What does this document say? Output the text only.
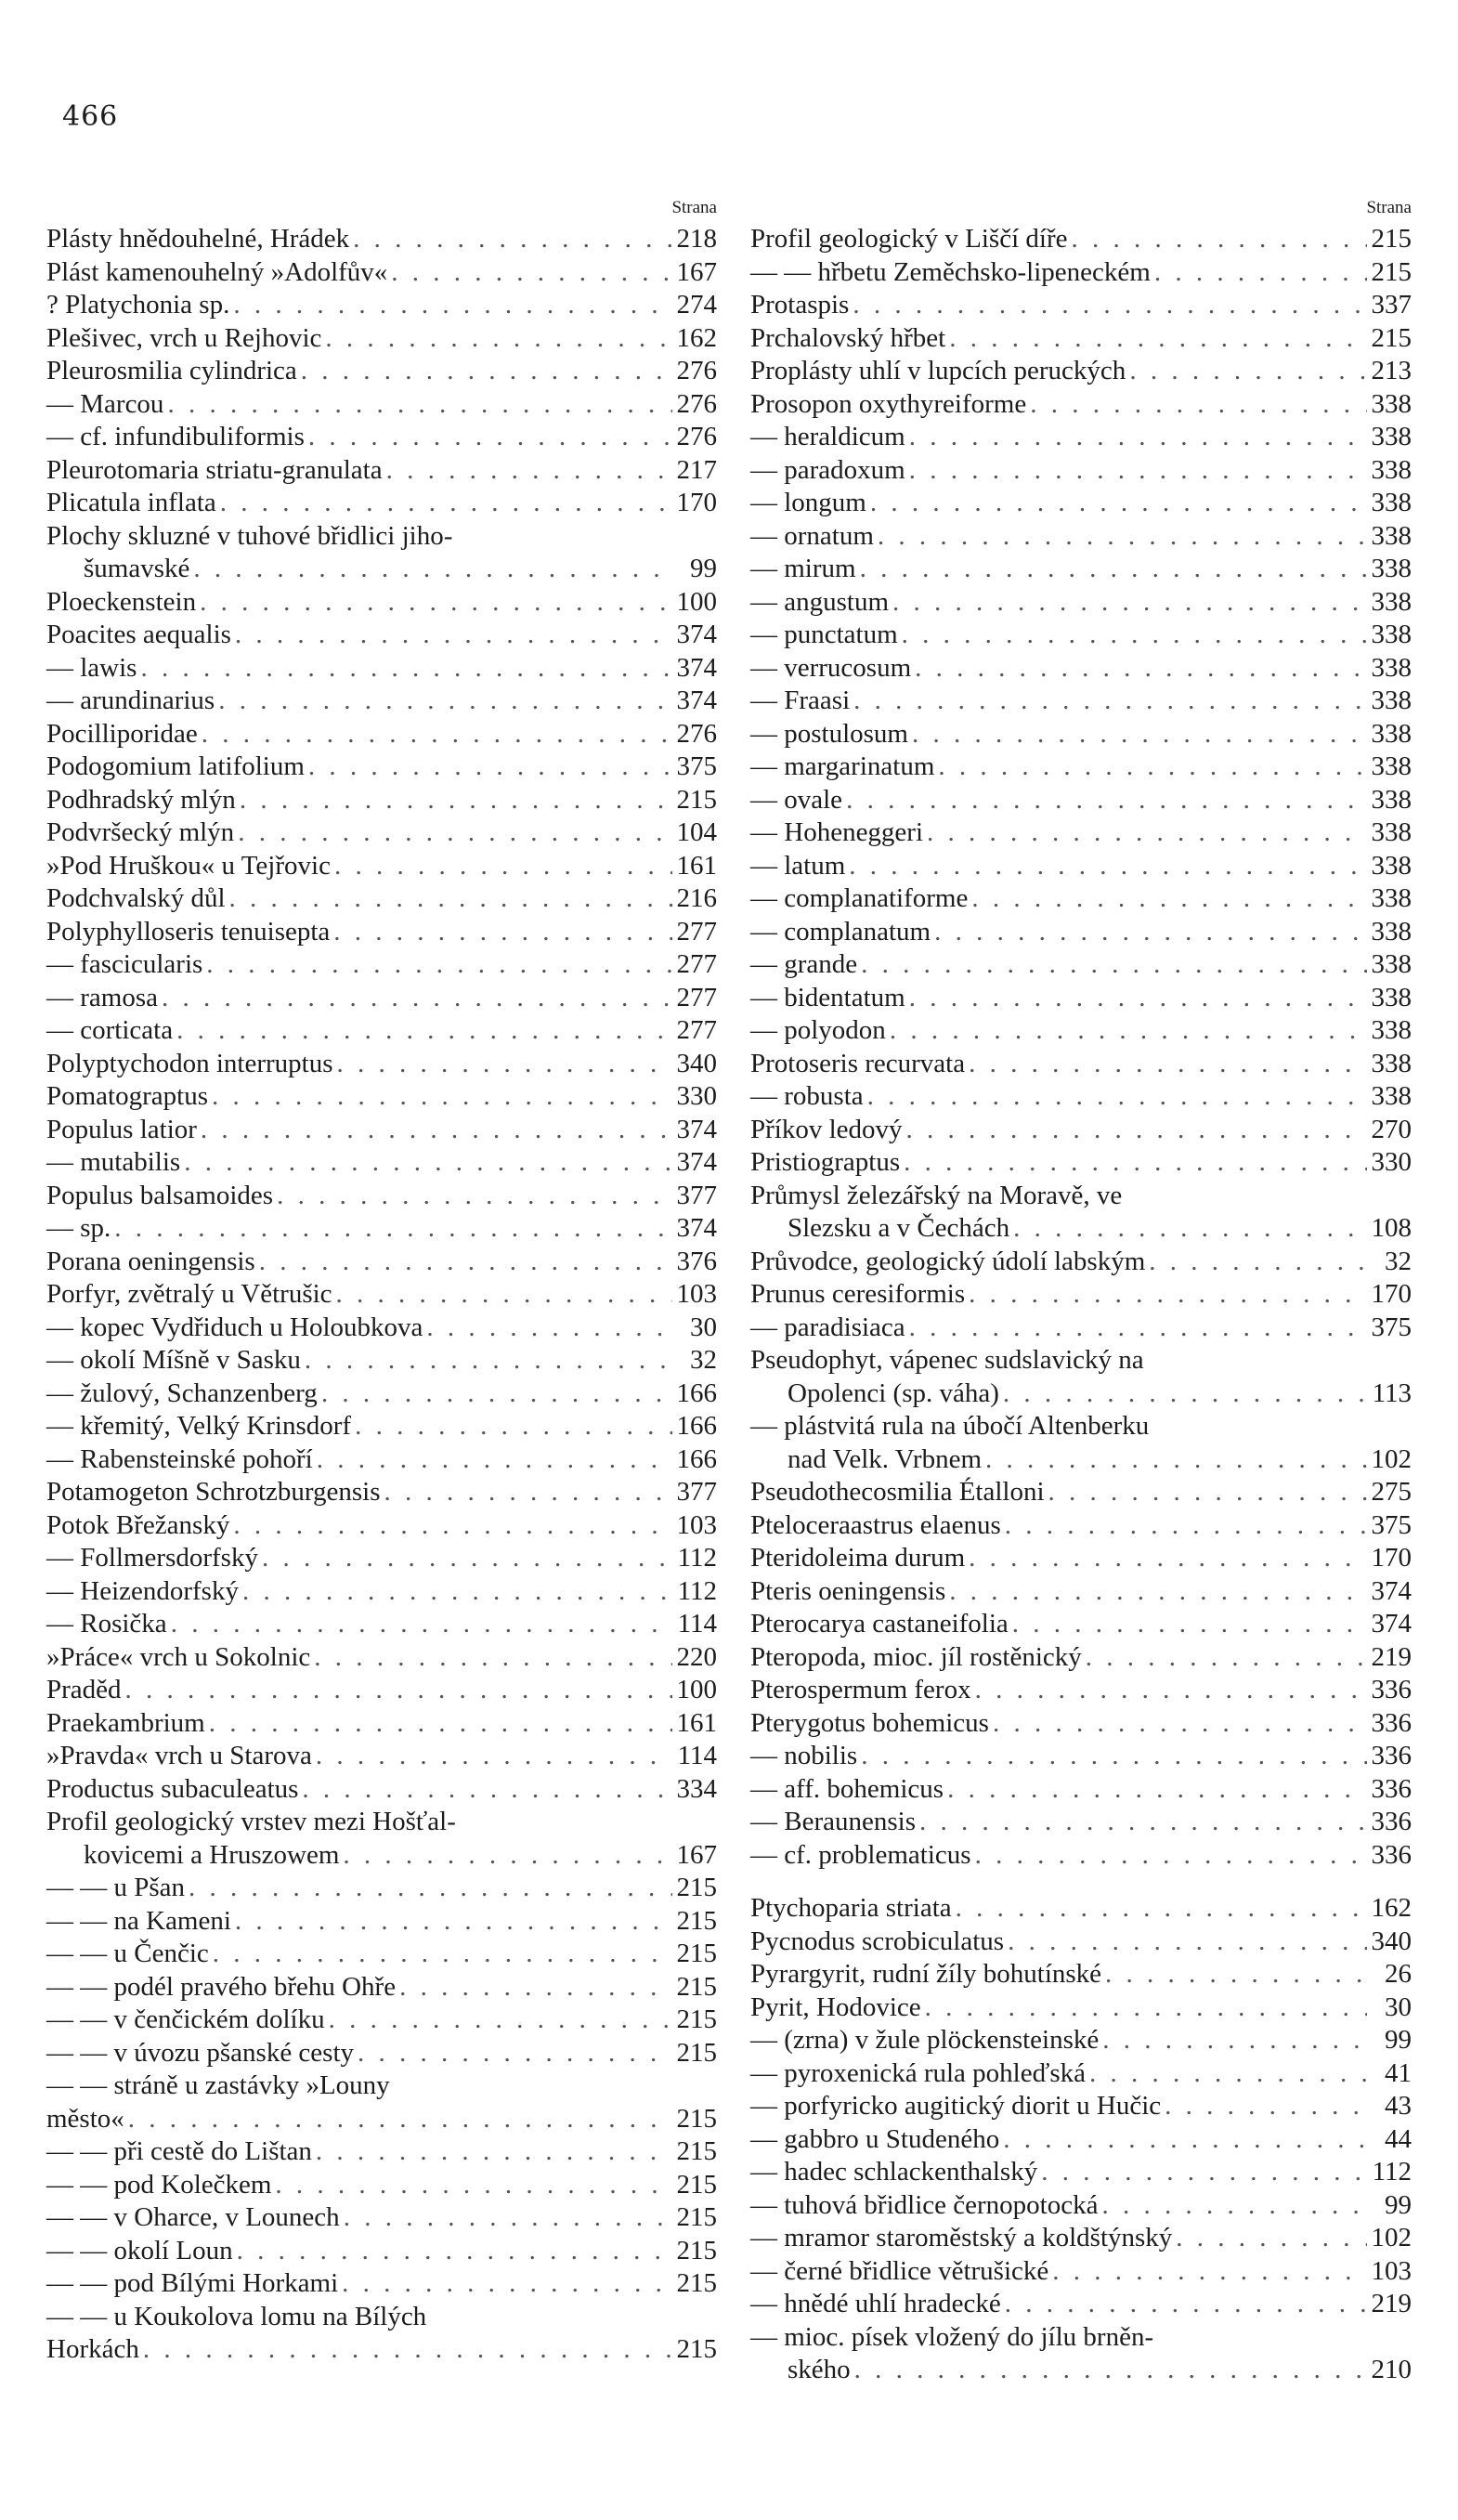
466
Strana
Plásty hnědouhelné, Hrádek . . .	218
Plást kamenouhelný »Adolfův« . . .	167
? Platychonia sp. . . .	274
Plešivec, vrch u Rejhovic . . .	162
Pleurosmilia cylindrica . . .	276
— Marcou . . .	276
— cf. infundibuliformis . . .	276
Pleurotomaria striatu-granulata . . .	217
Plicatula inflata . . .	170
Plochy skluzné v tuhové břidlici jiho-
šumavské . . .	99
Ploeckenstein . . .	100
Poacites aequalis . . .	374
— lawis . . .	374
— arundinarius . . .	374
Pocilliporidae . . .	276
Podogomium latifolium . . .	375
Podhradský mlýn . . .	215
Podvršecký mlýn . . .	104
»Pod Hruškou« u Tejřovic . . .	161
Podchvalský důl . . .	216
Polyphylloseris tenuisepta . . .	277
— fascicularis . . .	277
— ramosa . . .	277
— corticata . . .	277
Polyptychodon interruptus . . .	340
Pomatograptus . . .	330
Populus latior . . .	374
— mutabilis . . .	374
Populus balsamoides . . .	377
— sp. . . .	374
Porana oeningensis . . .	376
Porfyr, zvětralý u Větrušic . . .	103
— kopec Vydřiduch u Holoubkova . . .	30
— okolí Míšně v Sasku . . .	32
— žulový, Schanzenberg . . .	166
— křemitý, Velký Krinsdorf . . .	166
— Rabensteinské pohoří . . .	166
Potamogeton Schrotzburgensis . . .	377
Potok Břežanský . . .	103
— Follmersdorfský . . .	112
— Heizendorfský . . .	112
— Rosička . . .	114
»Práce« vrch u Sokolnic . . .	220
Praděd . . .	100
Praekambrium . . .	161
»Pravda« vrch u Starova . . .	114
Productus subaculeatus . . .	334
Profil geologický vrstev mezi Hošťal-
kovicemi a Hruszowem . . .	167
— — u Pšan . . .	215
— — na Kameni . . .	215
— — u Čenčic . . .	215
— — podél pravého břehu Ohře . . .	215
— — v čenčickém dolíku . . .	215
— — v úvozu pšanské cesty . . .	215
— — stráně u zastávky »Louny
město« . . .	215
— — při cestě do Lištan . . .	215
— — pod Kolečkem . . .	215
— — v Oharce, v Lounech . . .	215
— — okolí Loun . . .	215
— — pod Bílými Horkami . . .	215
— — u Koukolova lomu na Bílých
Horkách . . .	215
Strana
Profil geologický v Liščí díře . . .	215
— — hřbetu Zeměchsko-lipeneckém . . .	215
Protaspis . . .	337
Prchalovský hřbet . . .	215
Proplásty uhlí v lupcích peruckých . . .	213
Prosopon oxythyreiforme . . .	338
— heraldicum . . .	338
— paradoxum . . .	338
— longum . . .	338
— ornatum . . .	338
— mirum . . .	338
— angustum . . .	338
— punctatum . . .	338
— verrucosum . . .	338
— Fraasi . . .	338
— postulosum . . .	338
— margarinatum . . .	338
— ovale . . .	338
— Hoheneggeri . . .	338
— latum . . .	338
— complanatiforme . . .	338
— complanatum . . .	338
— grande . . .	338
— bidentatum . . .	338
— polyodon . . .	338
Protoseris recurvata . . .	338
— robusta . . .	338
Příkov ledový . . .	270
Pristiograptus . . .	330
Průmysl železářský na Moravě, ve
Slezsku a v Čechách . . .	108
Průvodce, geologický údolí labským . . .	32
Prunus ceresiformis . . .	170
— paradisiaca . . .	375
Pseudophyt, vápenec sudslavický na
Opolenci (sp. váha) . . .	113
— plástvitá rula na úbočí Altenberku
nad Velk. Vrbnem . . .	102
Pseudothecosmilia Étalloni . . .	275
Pteloceraastrus elaenus . . .	375
Pteridoleima durum . . .	170
Pteris oeningensis . . .	374
Pterocarya castaneifolia . . .	374
Pteropoda, mioc. jíl rostěnický . . .	219
Pterospermum ferox . . .	336
Pterygotus bohemicus . . .	336
— nobilis . . .	336
— aff. bohemicus . . .	336
— Beraunensis . . .	336
— cf. problematicus . . .	336
Ptychoparia striata . . .	162
Pycnodus scrobiculatus . . .	340
Pyrargyrit, rudní žíly bohutínské . . .	26
Pyrit, Hodovice . . .	30
— (zrna) v žule plöckensteinské . . .	99
— pyroxenická rula pohleďská . . .	41
— porfyricko augitický diorit u Hučic . . .	43
— gabbro u Studeného . . .	44
— hadec schlackenthalský . . .	112
— tuhová břidlice černopotocká . . .	99
— mramor staroměstský a koldštýnský . . .	102
— černé břidlice větrušické . . .	103
— hnědé uhlí hradecké . . .	219
— mioc. písek vložený do jílu brněn-
ského . . .	210
